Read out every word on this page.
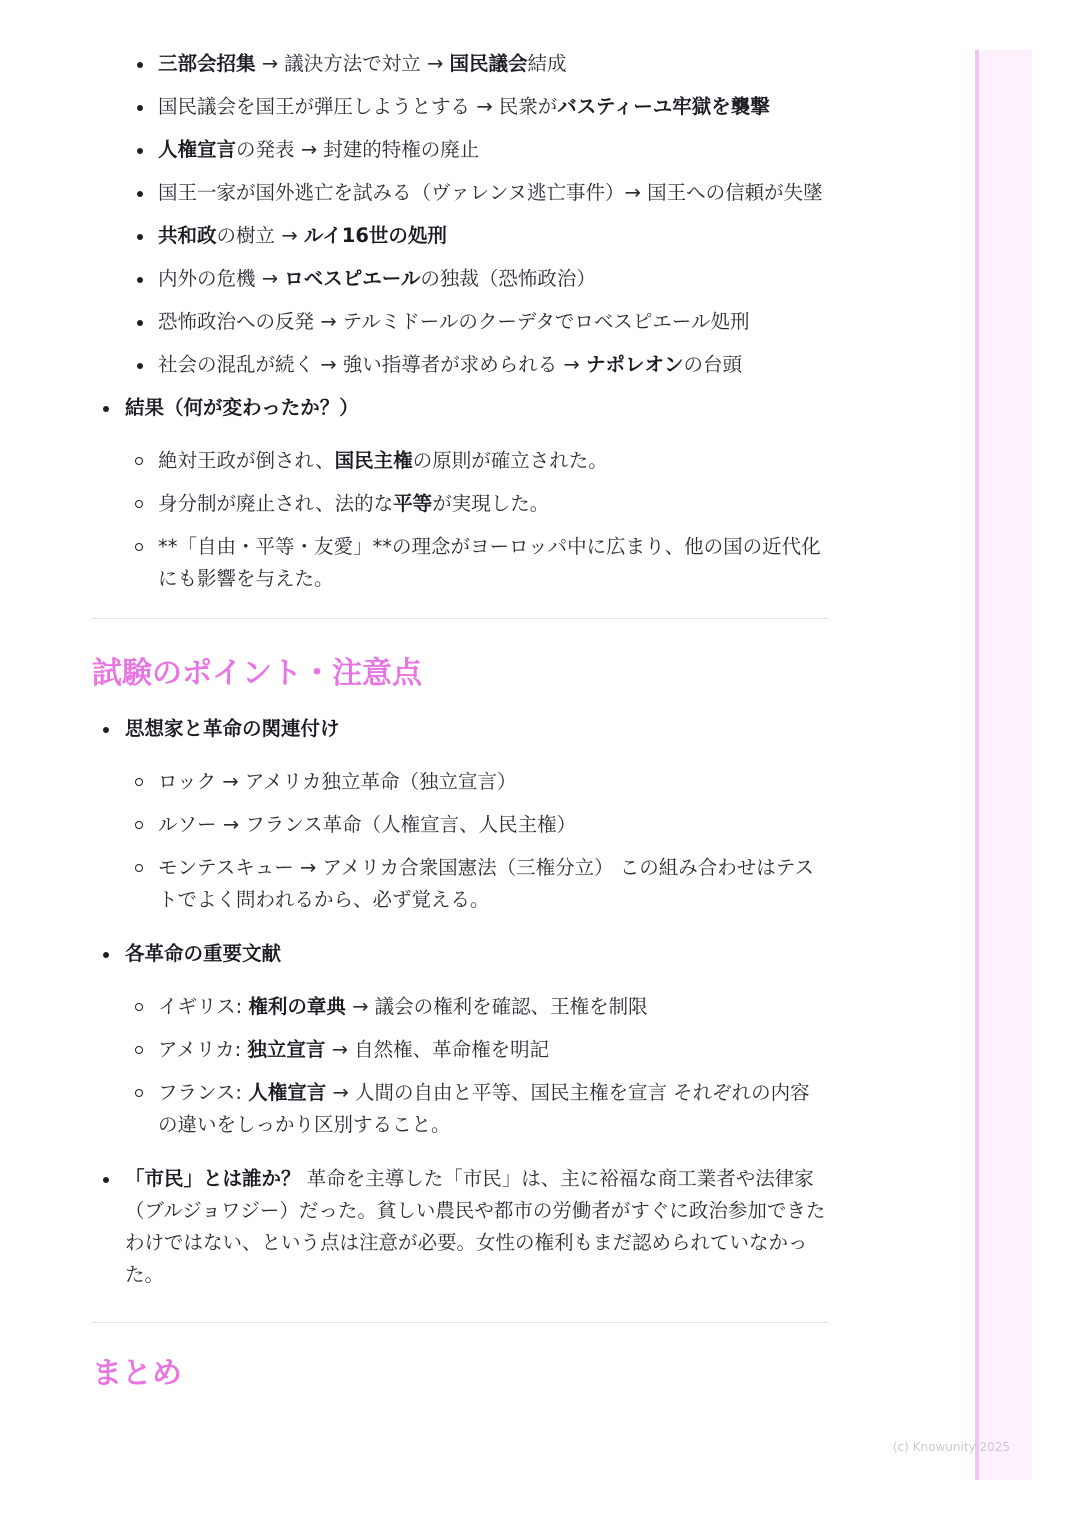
(c) Knowunity 2025
三部会招集 → 議決方法で対立 → 国民議会結成
国民議会を国王が弾圧しようとする → 民衆がバスティーユ牢獄を襲撃
人権宣言の発表 → 封建的特権の廃止
国王一家が国外逃亡を試みる（ヴァレンヌ逃亡事件）→ 国王への信頼が失墜
共和政の樹立 → ルイ16世の処刑
内外の危機 → ロベスピエールの独裁（恐怖政治）
恐怖政治への反発 → テルミドールのクーデタでロベスピエール処刑
社会の混乱が続く → 強い指導者が求められる → ナポレオンの台頭
結果（何が変わったか？）
絶対王政が倒され、国民主権の原則が確立された。
身分制が廃止され、法的な平等が実現した。
**「自由・平等・友愛」**の理念がヨーロッパ中に広まり、他の国の近代化にも影響を与えた。
試験のポイント・注意点
思想家と革命の関連付け
ロック → アメリカ独立革命（独立宣言）
ルソー → フランス革命（人権宣言、人民主権）
モンテスキュー → アメリカ合衆国憲法（三権分立） この組み合わせはテストでよく問われるから、必ず覚える。
各革命の重要文献
イギリス: 権利の章典 → 議会の権利を確認、王権を制限
アメリカ: 独立宣言 → 自然権、革命権を明記
フランス: 人権宣言 → 人間の自由と平等、国民主権を宣言 それぞれの内容の違いをしっかり区別すること。
「市民」とは誰か？ 革命を主導した「市民」は、主に裕福な商工業者や法律家（ブルジョワジー）だった。貧しい農民や都市の労働者がすぐに政治参加できたわけではない、という点は注意が必要。女性の権利もまだ認められていなかった。
まとめ
